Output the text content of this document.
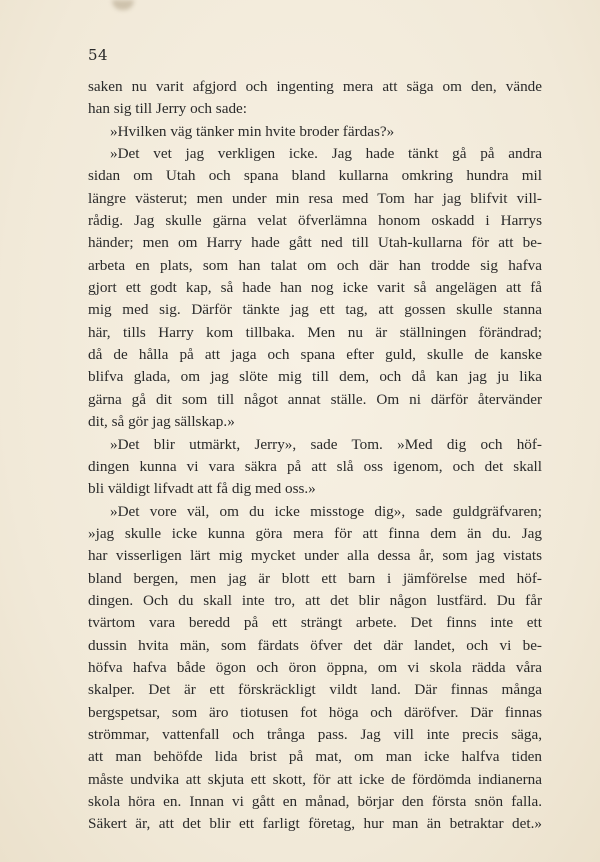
54
saken nu varit afgjord och ingenting mera att säga om den, vände
han sig till Jerry och sade:
»Hvilken väg tänker min hvite broder färdas?»
»Det vet jag verkligen icke. Jag hade tänkt gå på andra
sidan om Utah och spana bland kullarna omkring hundra mil
längre västerut; men under min resa med Tom har jag blifvit vill-
rådig. Jag skulle gärna velat öfverlämna honom oskadd i Harrys
händer; men om Harry hade gått ned till Utah-kullarna för att be-
arbeta en plats, som han talat om och där han trodde sig hafva
gjort ett godt kap, så hade han nog icke varit så angelägen att få
mig med sig. Därför tänkte jag ett tag, att gossen skulle stanna
här, tills Harry kom tillbaka. Men nu är ställningen förändrad;
då de hålla på att jaga och spana efter guld, skulle de kanske
blifva glada, om jag slöte mig till dem, och då kan jag ju lika
gärna gå dit som till något annat ställe. Om ni därför återvänder
dit, så gör jag sällskap.»
»Det blir utmärkt, Jerry», sade Tom. »Med dig och höf-
dingen kunna vi vara säkra på att slå oss igenom, och det skall
bli väldigt lifvadt att få dig med oss.»
»Det vore väl, om du icke misstoge dig», sade guldgräfvaren;
»jag skulle icke kunna göra mera för att finna dem än du. Jag
har visserligen lärt mig mycket under alla dessa år, som jag vistats
bland bergen, men jag är blott ett barn i jämförelse med höf-
dingen. Och du skall inte tro, att det blir någon lustfärd. Du får
tvärtom vara beredd på ett strängt arbete. Det finns inte ett
dussin hvita män, som färdats öfver det där landet, och vi be-
höfva hafva både ögon och öron öppna, om vi skola rädda våra
skalper. Det är ett förskräckligt vildt land. Där finnas många
bergspetsar, som äro tiotusen fot höga och däröfver. Där finnas
strömmar, vattenfall och trånga pass. Jag vill inte precis säga,
att man behöfde lida brist på mat, om man icke halfva tiden
måste undvika att skjuta ett skott, för att icke de fördömda indianerna
skola höra en. Innan vi gått en månad, börjar den första snön falla.
Säkert är, att det blir ett farligt företag, hur man än betraktar det.»
